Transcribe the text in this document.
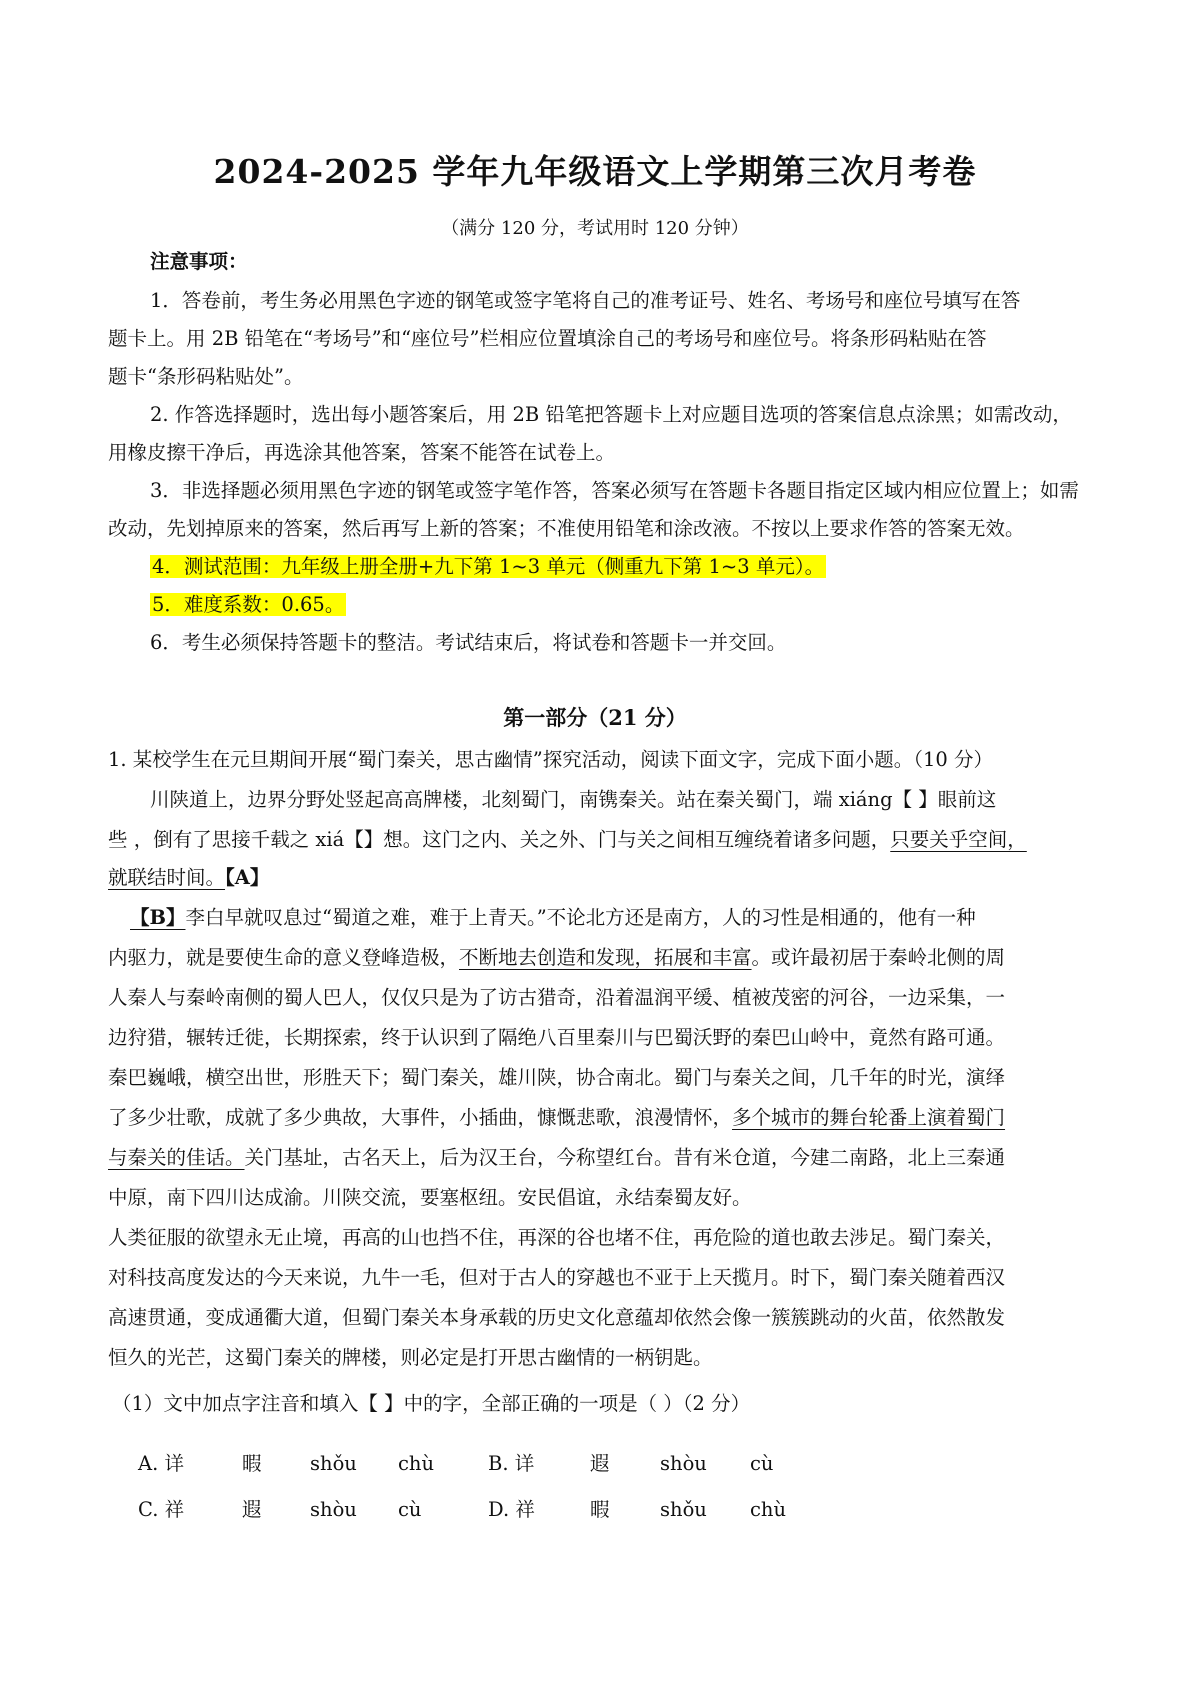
2024-2025 学年九年级语文上学期第三次月考卷
（满分 120 分，考试用时 120 分钟）
注意事项：
1．答卷前，考生务必用黑色字迹的钢笔或签字笔将自己的准考证号、姓名、考场号和座位号填写在答
题卡上。用 2B 铅笔在“考场号”和“座位号”栏相应位置填涂自己的考场号和座位号。将条形码粘贴在答
题卡“条形码粘贴处”。
2. 作答选择题时，选出每小题答案后，用 2B 铅笔把答题卡上对应题目选项的答案信息点涂黑；如需改动，
用橡皮擦干净后，再选涂其他答案，答案不能答在试卷上。
3．非选择题必须用黑色字迹的钢笔或签字笔作答，答案必须写在答题卡各题目指定区域内相应位置上；如需
改动，先划掉原来的答案，然后再写上新的答案；不准使用铅笔和涂改液。不按以上要求作答的答案无效。
4．测试范围：九年级上册全册+九下第 1~3 单元（侧重九下第 1~3 单元）。
5．难度系数：0.65。
6．考生必须保持答题卡的整洁。考试结束后，将试卷和答题卡一并交回。
第一部分（21 分）
1. 某校学生在元旦期间开展“蜀门秦关，思古幽情”探究活动，阅读下面文字，完成下面小题。（10 分）
川陕道上，边界分野处竖起高高牌楼，北刻蜀门，南镌秦关。站在秦关蜀门，端 xiáng【 】眼前这
些 ，倒有了思接千载之 xiá【】想。这门之内、关之外、门与关之间相互缠绕着诸多问题，只要关乎空间，
就联结时间。【A】
【B】李白早就叹息过“蜀道之难，难于上青天。”不论北方还是南方，人的习性是相通的，他有一种
内驱力，就是要使生命的意义登峰造极，不断地去创造和发现，拓展和丰富。或许最初居于秦岭北侧的周
人秦人与秦岭南侧的蜀人巴人，仅仅只是为了访古猎奇，沿着温润平缓、植被茂密的河谷，一边采集，一
边狩猎，辗转迁徙，长期探索，终于认识到了隔绝八百里秦川与巴蜀沃野的秦巴山岭中，竟然有路可通。
秦巴巍峨，横空出世，形胜天下；蜀门秦关，雄川陕，协合南北。蜀门与秦关之间，几千年的时光，演绎
了多少壮歌，成就了多少典故，大事件，小插曲，慷慨悲歌，浪漫情怀，多个城市的舞台轮番上演着蜀门
与秦关的佳话。关门基址，古名天上，后为汉王台，今称望红台。昔有米仓道，今建二南路，北上三秦通
中原，南下四川达成渝。川陕交流，要塞枢纽。安民倡谊，永结秦蜀友好。
人类征服的欲望永无止境，再高的山也挡不住，再深的谷也堵不住，再危险的道也敢去涉足。蜀门秦关，
对科技高度发达的今天来说，九牛一毛，但对于古人的穿越也不亚于上天揽月。时下，蜀门秦关随着西汉
高速贯通，变成通衢大道，但蜀门秦关本身承载的历史文化意蕴却依然会像一簇簇跳动的火苗，依然散发
恒久的光芒，这蜀门秦关的牌楼，则必定是打开思古幽情的一柄钥匙。
（1）文中加点字注音和填入【 】中的字，全部正确的一项是（ ）（2 分）
A. 详	暇 shǒu chù	B. 详	遐	shòu cù
C. 祥	遐 shòu cù	D. 祥	暇	shǒu chù
